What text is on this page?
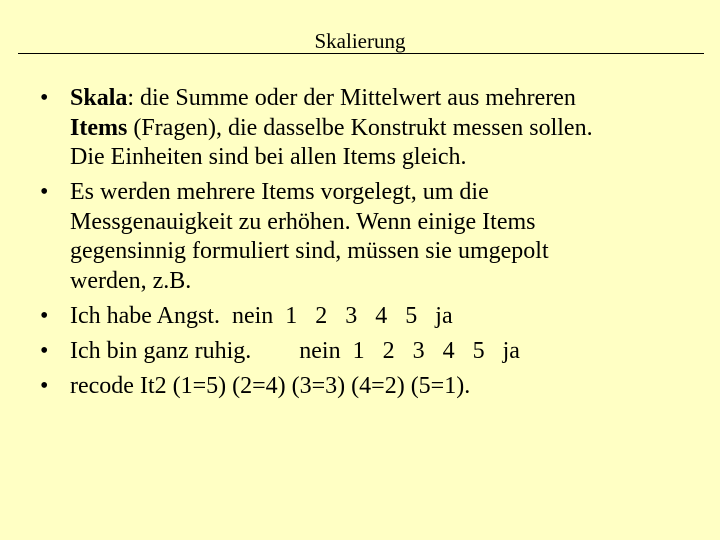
Skalierung
• Skala: die Summe oder der Mittelwert aus mehreren
Items (Fragen), die dasselbe Konstrukt messen sollen.
Die Einheiten sind bei allen Items gleich.
• Es werden mehrere Items vorgelegt, um die
Messgenauigkeit zu erhöhen. Wenn einige Items
gegensinnig formuliert sind, müssen sie umgepolt
werden, z.B.
• Ich habe Angst.  nein  1   2   3   4   5   ja
• Ich bin ganz ruhig.        nein  1   2   3   4   5   ja
• recode It2 (1=5) (2=4) (3=3) (4=2) (5=1).
